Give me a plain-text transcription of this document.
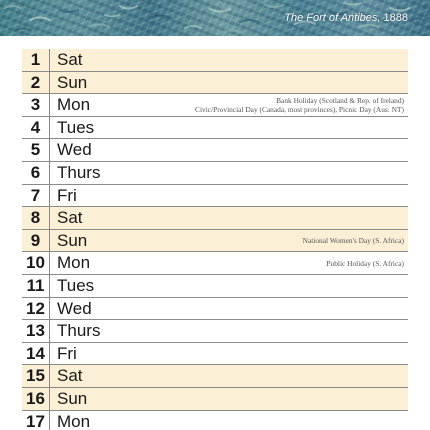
The Fort of Antibes, 1888
1 Sat
2 Sun
3 Mon	Bank Holiday (Scotland & Rep. of Ireland)
Civic/Provincial Day (Canada, most provinces), Picnic Day (Aus: NT)
4 Tues
5 Wed
6 Thurs
7 Fri
8 Sat
9 Sun	National Women's Day (S. Africa)
10 Mon	Public Holiday (S. Africa)
11 Tues
12 Wed
13 Thurs
14 Fri
15 Sat
16 Sun
17 Mon
